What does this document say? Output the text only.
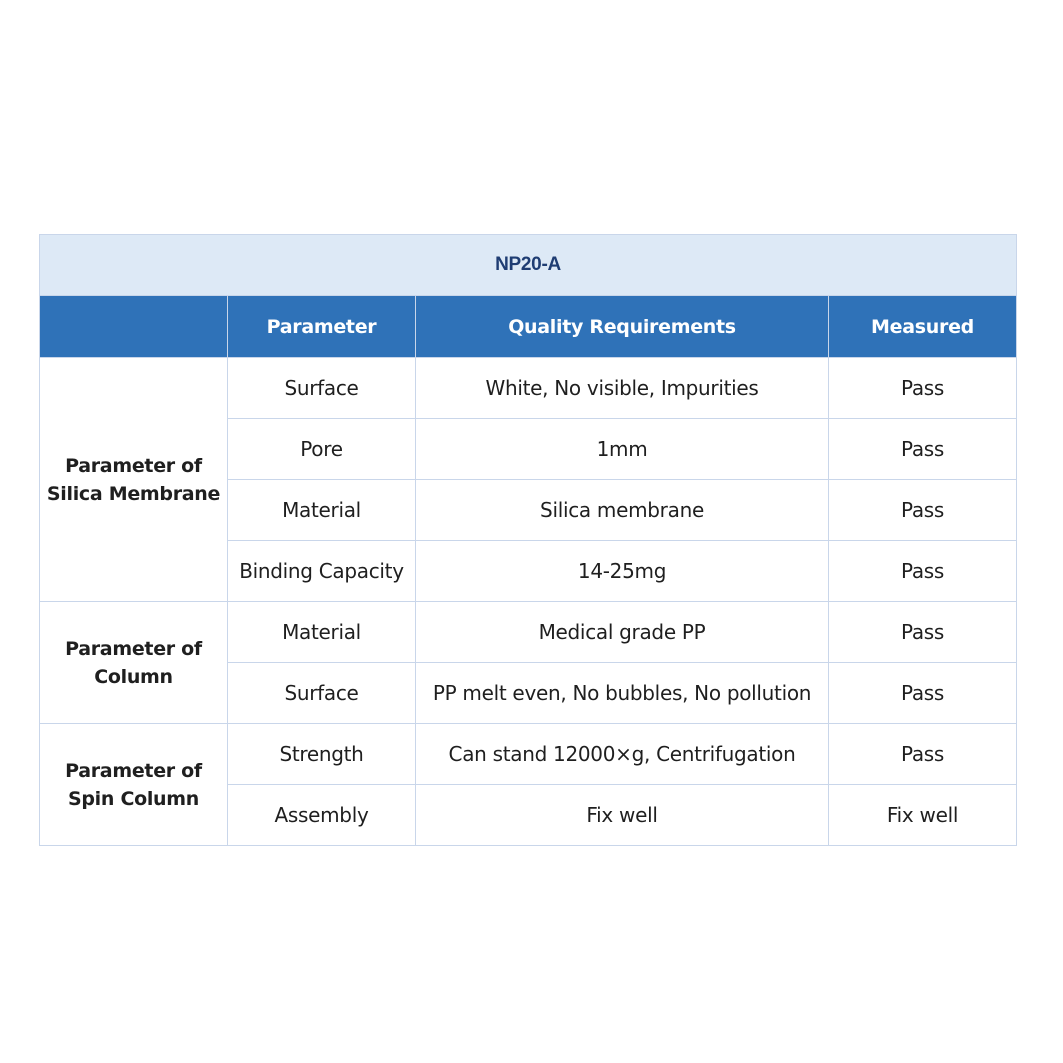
NP20-A			
	Parameter	Quality Requirements	Measured
Parameter of
Silica Membrane	Surface	White, No visible, Impurities	Pass
	Pore	1mm	Pass
	Material	Silica membrane	Pass
	Binding Capacity	14-25mg	Pass
Parameter of
Column	Material	Medical grade PP	Pass
	Surface	PP melt even, No bubbles, No pollution	Pass
Parameter of
Spin Column	Strength	Can stand 12000×g, Centrifugation	Pass
	Assembly	Fix well	Fix well
